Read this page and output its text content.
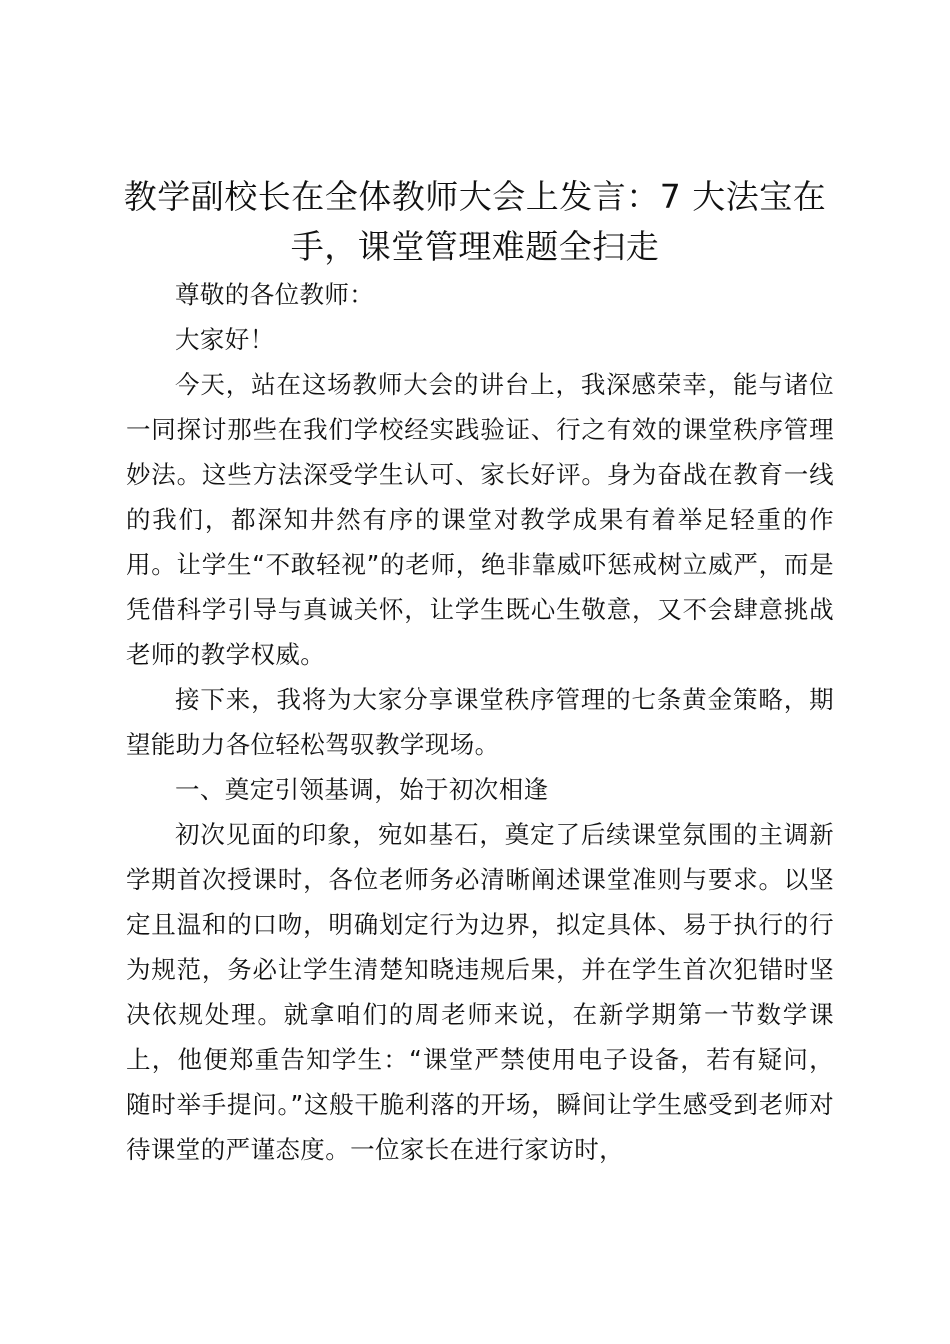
教学副校长在全体教师大会上发言：7 大法宝在手，课堂管理难题全扫走

尊敬的各位教师：

大家好！

今天，站在这场教师大会的讲台上，我深感荣幸，能与诸位一同探讨那些在我们学校经实践验证、行之有效的课堂秩序管理妙法。这些方法深受学生认可、家长好评。身为奋战在教育一线的我们，都深知井然有序的课堂对教学成果有着举足轻重的作用。让学生“不敢轻视”的老师，绝非靠威吓惩戒树立威严，而是凭借科学引导与真诚关怀，让学生既心生敬意，又不会肆意挑战老师的教学权威。

接下来，我将为大家分享课堂秩序管理的七条黄金策略，期望能助力各位轻松驾驭教学现场。

一、奠定引领基调，始于初次相逢

初次见面的印象，宛如基石，奠定了后续课堂氛围的主调新学期首次授课时，各位老师务必清晰阐述课堂准则与要求。以坚定且温和的口吻，明确划定行为边界，拟定具体、易于执行的行为规范，务必让学生清楚知晓违规后果，并在学生首次犯错时坚决依规处理。就拿咱们的周老师来说，在新学期第一节数学课上，他便郑重告知学生：“课堂严禁使用电子设备，若有疑问，随时举手提问。”这般干脆利落的开场，瞬间让学生感受到老师对待课堂的严谨态度。一位家长在进行家访时，
